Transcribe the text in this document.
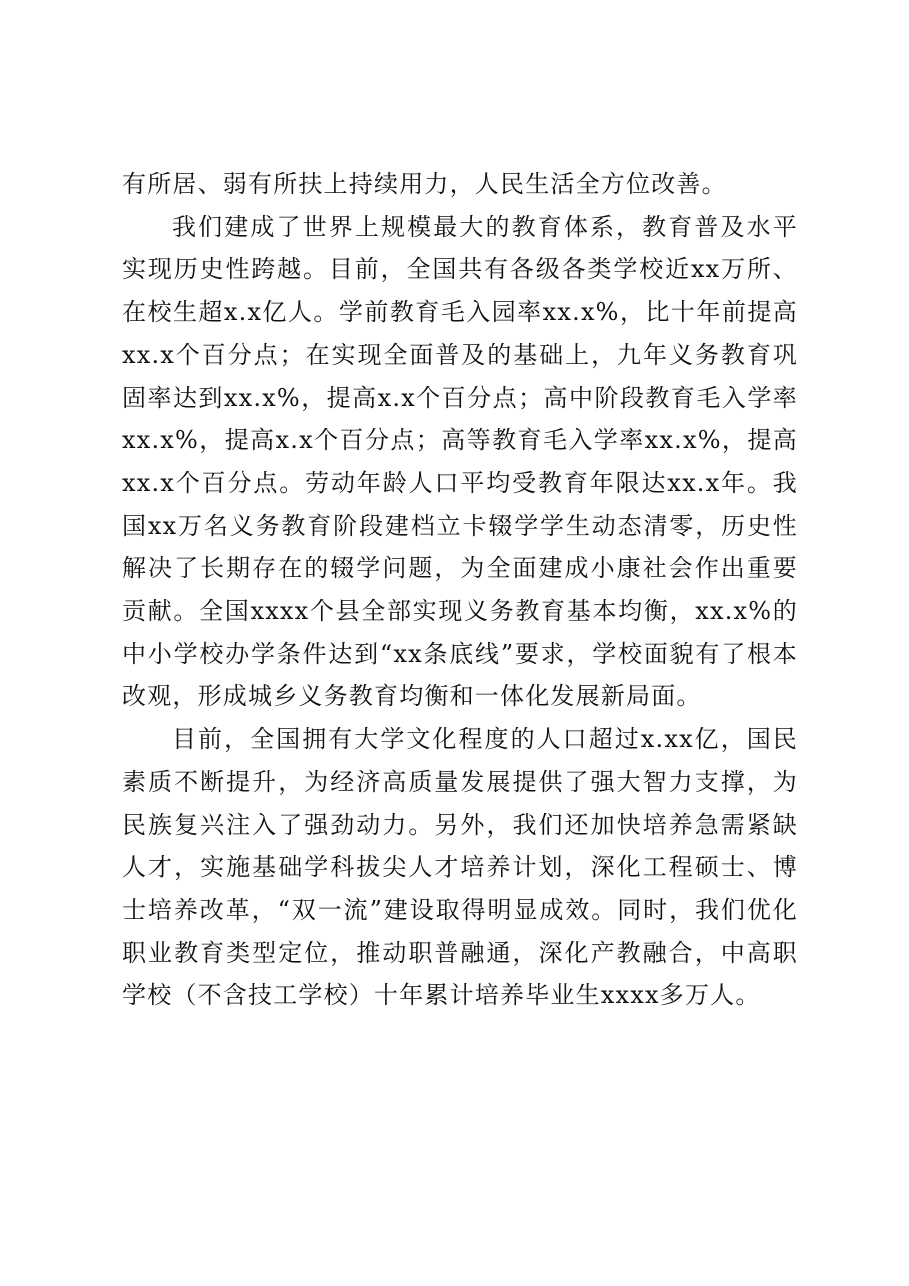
有所居、弱有所扶上持续用力，人民生活全方位改善。

我们建成了世界上规模最大的教育体系，教育普及水平实现历史性跨越。目前，全国共有各级各类学校近xx万所、在校生超x.x亿人。学前教育毛入园率xx.x%，比十年前提高xx.x个百分点；在实现全面普及的基础上，九年义务教育巩固率达到xx.x%，提高x.x个百分点；高中阶段教育毛入学率xx.x%，提高x.x个百分点；高等教育毛入学率xx.x%，提高xx.x个百分点。劳动年龄人口平均受教育年限达xx.x年。我国xx万名义务教育阶段建档立卡辍学学生动态清零，历史性解决了长期存在的辍学问题，为全面建成小康社会作出重要贡献。全国xxxx个县全部实现义务教育基本均衡，xx.x%的中小学校办学条件达到“xx条底线”要求，学校面貌有了根本改观，形成城乡义务教育均衡和一体化发展新局面。

目前，全国拥有大学文化程度的人口超过x.xx亿，国民素质不断提升，为经济高质量发展提供了强大智力支撑，为民族复兴注入了强劲动力。另外，我们还加快培养急需紧缺人才，实施基础学科拔尖人才培养计划，深化工程硕士、博士培养改革，“双一流”建设取得明显成效。同时，我们优化职业教育类型定位，推动职普融通，深化产教融合，中高职学校（不含技工学校）十年累计培养毕业生xxxx多万人。
